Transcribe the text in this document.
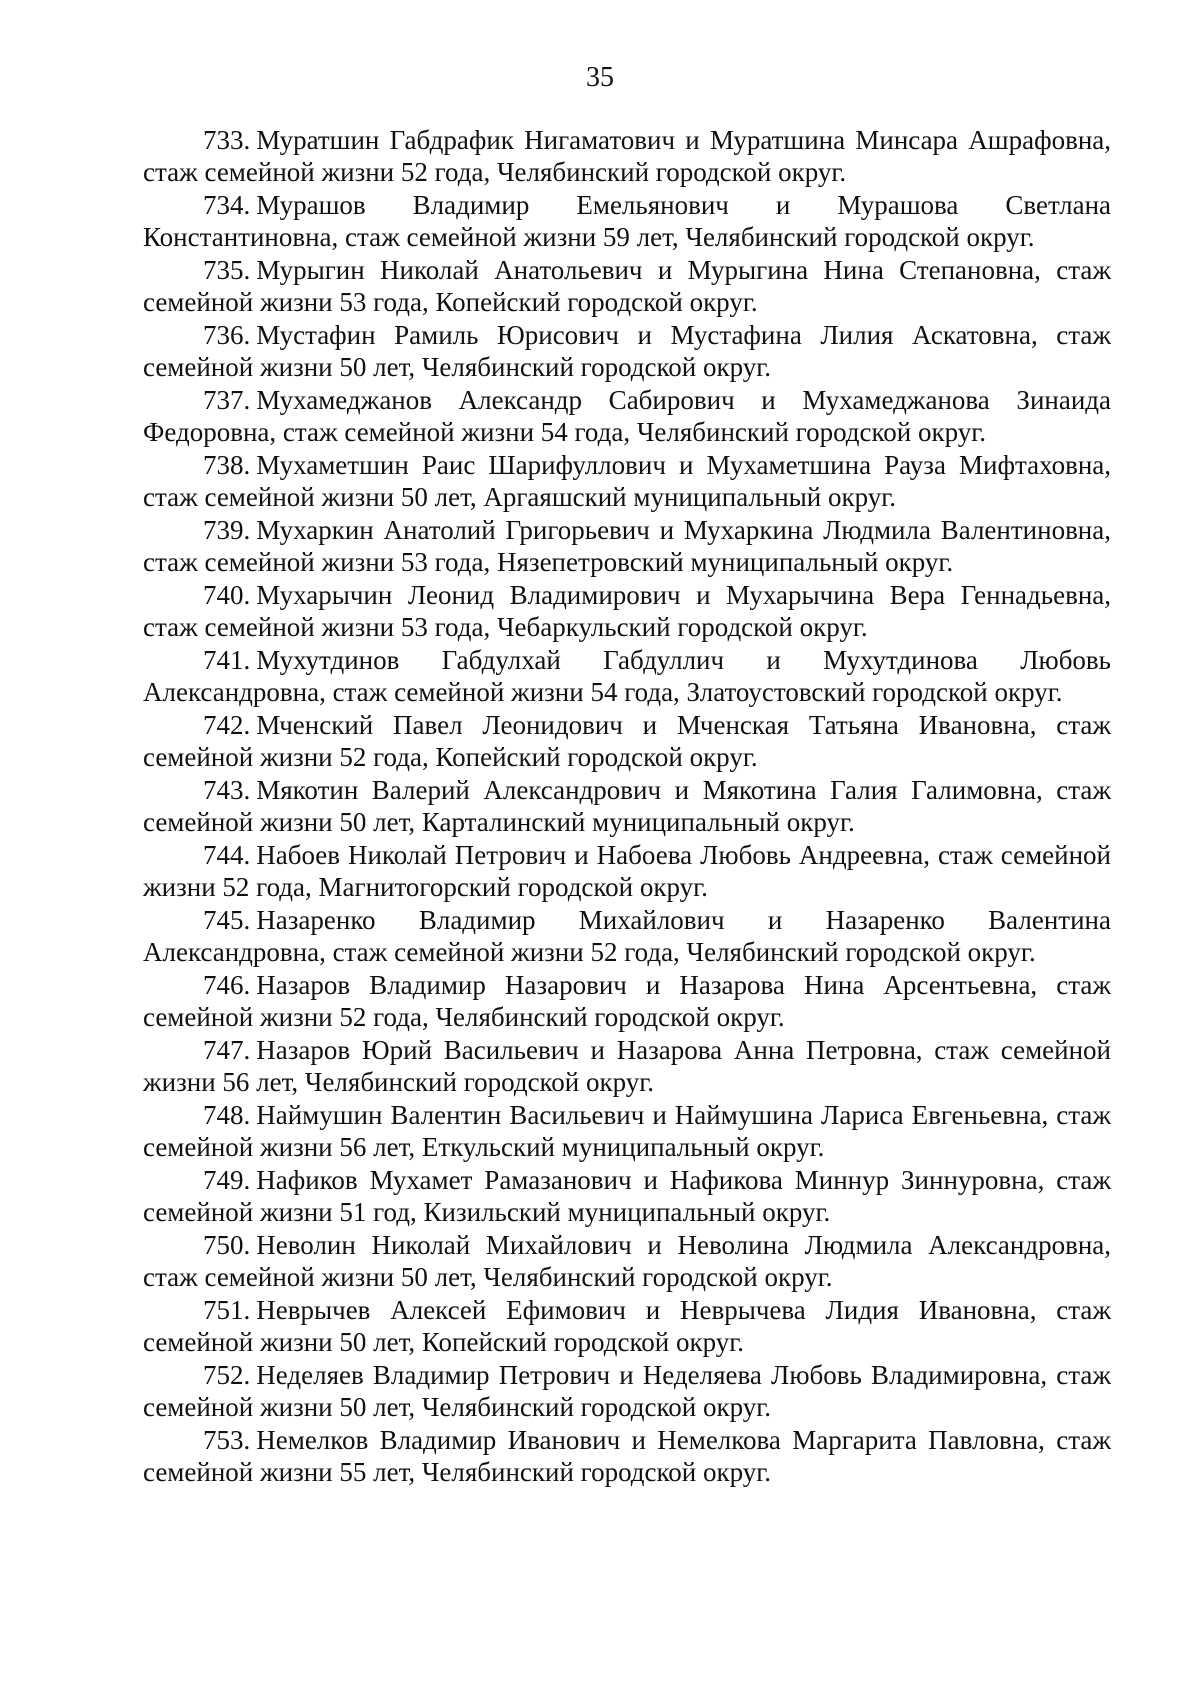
35

733. Муратшин Габдрафик Нигаматович и Муратшина Минсара Ашрафовна, стаж семейной жизни 52 года, Челябинский городской округ.

734. Мурашов Владимир Емельянович и Мурашова Светлана Константиновна, стаж семейной жизни 59 лет, Челябинский городской округ.

735. Мурыгин Николай Анатольевич и Мурыгина Нина Степановна, стаж семейной жизни 53 года, Копейский городской округ.

736. Мустафин Рамиль Юрисович и Мустафина Лилия Аскатовна, стаж семейной жизни 50 лет, Челябинский городской округ.

737. Мухамеджанов Александр Сабирович и Мухамеджанова Зинаида Федоровна, стаж семейной жизни 54 года, Челябинский городской округ.

738. Мухаметшин Раис Шарифуллович и Мухаметшина Рауза Мифтаховна, стаж семейной жизни 50 лет, Аргаяшский муниципальный округ.

739. Мухаркин Анатолий Григорьевич и Мухаркина Людмила Валентиновна, стаж семейной жизни 53 года, Нязепетровский муниципальный округ.

740. Мухарычин Леонид Владимирович и Мухарычина Вера Геннадьевна, стаж семейной жизни 53 года, Чебаркульский городской округ.

741. Мухутдинов Габдулхай Габдуллич и Мухутдинова Любовь Александровна, стаж семейной жизни 54 года, Златоустовский городской округ.

742. Мченский Павел Леонидович и Мченская Татьяна Ивановна, стаж семейной жизни 52 года, Копейский городской округ.

743. Мякотин Валерий Александрович и Мякотина Галия Галимовна, стаж семейной жизни 50 лет, Карталинский муниципальный округ.

744. Набоев Николай Петрович и Набоева Любовь Андреевна, стаж семейной жизни 52 года, Магнитогорский городской округ.

745. Назаренко Владимир Михайлович и Назаренко Валентина Александровна, стаж семейной жизни 52 года, Челябинский городской округ.

746. Назаров Владимир Назарович и Назарова Нина Арсентьевна, стаж семейной жизни 52 года, Челябинский городской округ.

747. Назаров Юрий Васильевич и Назарова Анна Петровна, стаж семейной жизни 56 лет, Челябинский городской округ.

748. Наймушин Валентин Васильевич и Наймушина Лариса Евгеньевна, стаж семейной жизни 56 лет, Еткульский муниципальный округ.

749. Нафиков Мухамет Рамазанович и Нафикова Миннур Зиннуровна, стаж семейной жизни 51 год, Кизильский муниципальный округ.

750. Неволин Николай Михайлович и Неволина Людмила Александровна, стаж семейной жизни 50 лет, Челябинский городской округ.

751. Неврычев Алексей Ефимович и Неврычева Лидия Ивановна, стаж семейной жизни 50 лет, Копейский городской округ.

752. Неделяев Владимир Петрович и Неделяева Любовь Владимировна, стаж семейной жизни 50 лет, Челябинский городской округ.

753. Немелков Владимир Иванович и Немелкова Маргарита Павловна, стаж семейной жизни 55 лет, Челябинский городской округ.
